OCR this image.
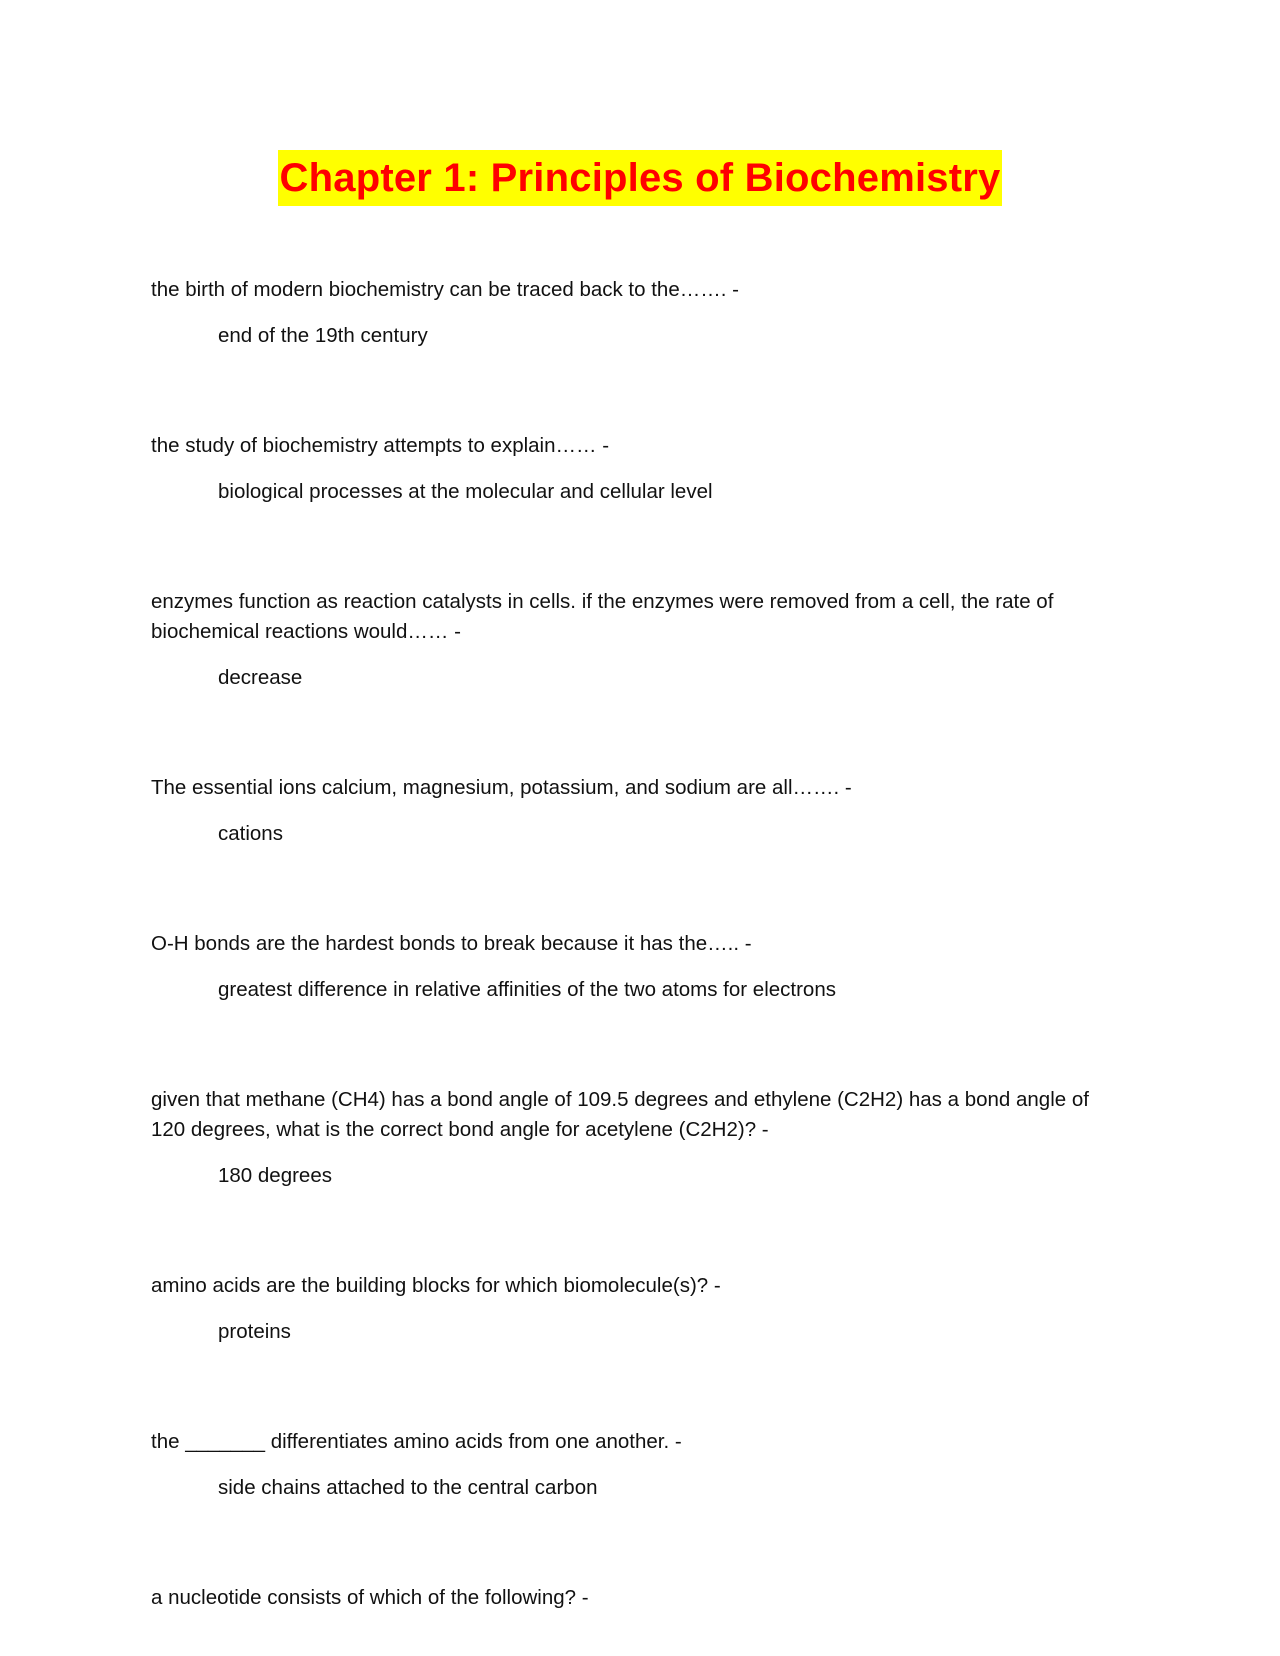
Chapter 1: Principles of Biochemistry

the birth of modern biochemistry can be traced back to the……. -

end of the 19th century

the study of biochemistry attempts to explain…… -

biological processes at the molecular and cellular level

enzymes function as reaction catalysts in cells. if the enzymes were removed from a cell, the rate of biochemical reactions would…… -

decrease

The essential ions calcium, magnesium, potassium, and sodium are all……. -

cations

O-H bonds are the hardest bonds to break because it has the….. -

greatest difference in relative affinities of the two atoms for electrons

given that methane (CH4) has a bond angle of 109.5 degrees and ethylene (C2H2) has a bond angle of 120 degrees, what is the correct bond angle for acetylene (C2H2)? -

180 degrees

amino acids are the building blocks for which biomolecule(s)? -

proteins

the _______ differentiates amino acids from one another. -

side chains attached to the central carbon

a nucleotide consists of which of the following? -
